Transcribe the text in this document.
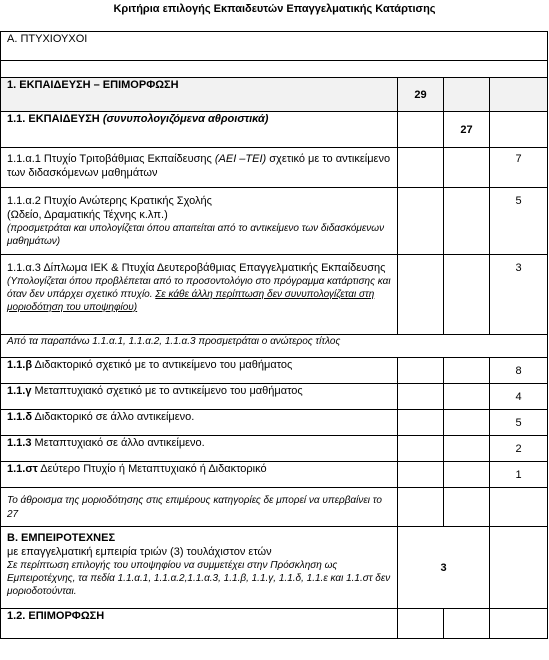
Κριτήρια επιλογής Εκπαιδευτών Επαγγελματικής Κατάρτισης
Α. ΠΤΥΧΙΟΥΧΟΙ			

1. ΕΚΠΑΙΔΕΥΣΗ – ΕΠΙΜΟΡΦΩΣΗ	29		
1.1. ΕΚΠΑΙΔΕΥΣΗ (συνυπολογιζόμενα αθροιστικά)		27	
1.1.α.1 Πτυχίο Τριτοβάθμιας Εκπαίδευσης (ΑΕΙ –ΤΕΙ) σχετικό με το αντικείμενο των διδασκόμενων μαθημάτων			7

1.1.α.2 Πτυχίο Ανώτερης Κρατικής Σχολής
(Ωδείο, Δραματικής Τέχνης κ.λπ.)
(προσμετράται και υπολογίζεται όπου απαιτείται από το αντικείμενο των διδασκόμενων μαθημάτων)			5

1.1.α.3 Δίπλωμα ΙΕΚ & Πτυχία Δευτεροβάθμιας Επαγγελματικής Εκπαίδευσης
(Υπολογίζεται όπου προβλέπεται από το προσοντολόγιο στο πρόγραμμα κατάρτισης και όταν δεν υπάρχει σχετικό πτυχίο. Σε κάθε άλλη περίπτωση δεν συνυπολογίζεται στη μοριοδότηση του υποψηφίου)			3
Από τα παραπάνω 1.1.α.1, 1.1.α.2, 1.1.α.3 προσμετράται ο ανώτερος τίτλος			
1.1.β Διδακτορικό σχετικό με το αντικείμενο του μαθήματος			8
1.1.γ Μεταπτυχιακό σχετικό με το αντικείμενο του μαθήματος			4
1.1.δ Διδακτορικό σε άλλο αντικείμενο.			5
1.1.3 Μεταπτυχιακό σε άλλο αντικείμενο.			2
1.1.στ Δεύτερο Πτυχίο ή Μεταπτυχιακό ή Διδακτορικό			1
Το άθροισμα της μοριοδότησης στις επιμέρους κατηγορίες δε μπορεί να υπερβαίνει το 27			

Β. ΕΜΠΕΙΡΟΤΕΧΝΕΣ
με επαγγελματική εμπειρία τριών (3) τουλάχιστον ετών
Σε περίπτωση επιλογής του υποψηφίου να συμμετέχει στην Πρόσκληση ως Εμπειροτέχνης, τα πεδία 1.1.α.1, 1.1.α.2,1.1.α.3, 1.1.β, 1.1.γ, 1.1.δ, 1.1.ε και 1.1.στ δεν μοριοδοτούνται.	3		
1.2. ΕΠΙΜΟΡΦΩΣΗ			
